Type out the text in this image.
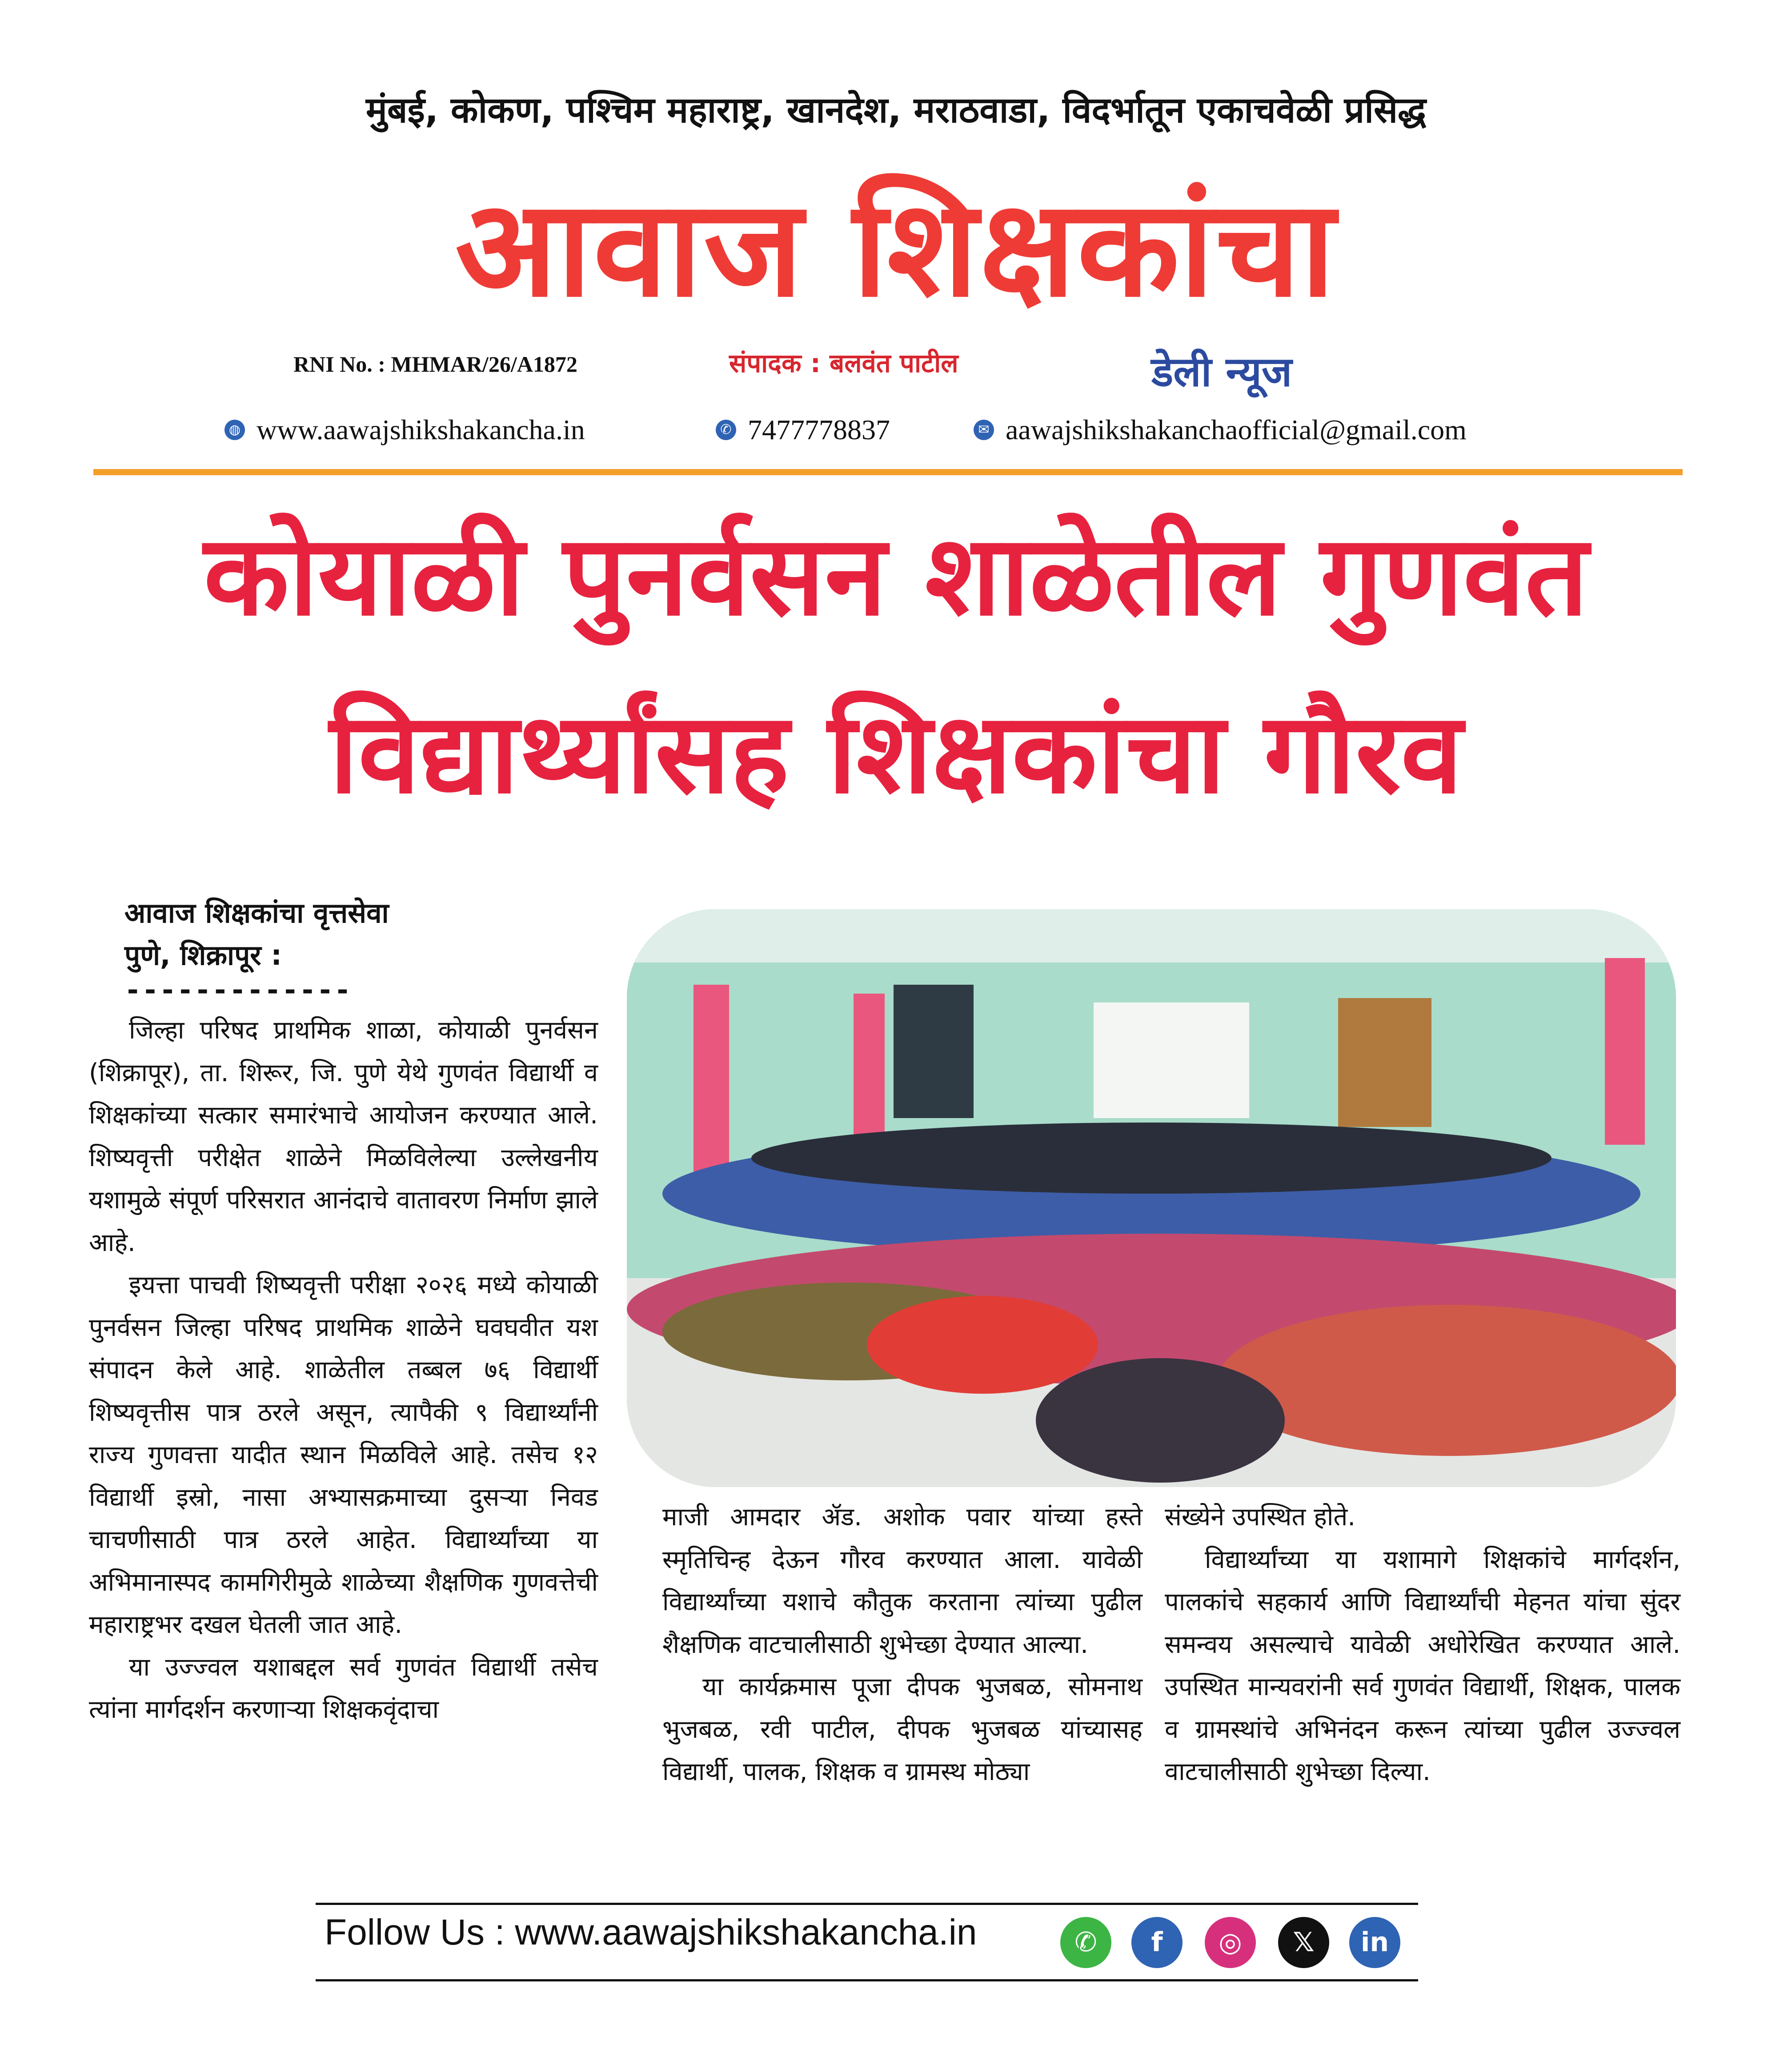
मुंबई, कोकण, पश्चिम महाराष्ट्र, खानदेश, मराठवाडा, विदर्भातून एकाचवेळी प्रसिद्ध
आवाज शिक्षकांचा
RNI No. : MHMAR/26/A1872	संपादक : बलवंत पाटील	डेली न्यूज
◍ www.aawajshikshakancha.in	✆ 7477778837	✉ aawajshikshakanchaofficial@gmail.com
कोयाळी पुनर्वसन शाळेतील गुणवंत
विद्यार्थ्यांसह शिक्षकांचा गौरव
आवाज शिक्षकांचा वृत्तसेवा
पुणे, शिक्रापूर :
-------------

जिल्हा परिषद प्राथमिक शाळा, कोयाळी पुनर्वसन (शिक्रापूर), ता. शिरूर, जि. पुणे येथे गुणवंत विद्यार्थी व शिक्षकांच्या सत्कार समारंभाचे आयोजन करण्यात आले. शिष्यवृत्ती परीक्षेत शाळेने मिळविलेल्या उल्लेखनीय यशामुळे संपूर्ण परिसरात आनंदाचे वातावरण निर्माण झाले आहे.

इयत्ता पाचवी शिष्यवृत्ती परीक्षा २०२६ मध्ये कोयाळी पुनर्वसन जिल्हा परिषद प्राथमिक शाळेने घवघवीत यश संपादन केले आहे. शाळेतील तब्बल ७६ विद्यार्थी शिष्यवृत्तीस पात्र ठरले असून, त्यापैकी ९ विद्यार्थ्यांनी राज्य गुणवत्ता यादीत स्थान मिळविले आहे. तसेच १२ विद्यार्थी इस्रो, नासा अभ्यासक्रमाच्या दुसऱ्या निवड चाचणीसाठी पात्र ठरले आहेत. विद्यार्थ्यांच्या या अभिमानास्पद कामगिरीमुळे शाळेच्या शैक्षणिक गुणवत्तेची महाराष्ट्रभर दखल घेतली जात आहे.

या उज्ज्वल यशाबद्दल सर्व गुणवंत विद्यार्थी तसेच त्यांना मार्गदर्शन करणाऱ्या शिक्षकवृंदाचा

माजी आमदार ॲड. अशोक पवार यांच्या हस्ते स्मृतिचिन्ह देऊन गौरव करण्यात आला. यावेळी विद्यार्थ्यांच्या यशाचे कौतुक करताना त्यांच्या पुढील शैक्षणिक वाटचालीसाठी शुभेच्छा देण्यात आल्या.

या कार्यक्रमास पूजा दीपक भुजबळ, सोमनाथ भुजबळ, रवी पाटील, दीपक भुजबळ यांच्यासह विद्यार्थी, पालक, शिक्षक व ग्रामस्थ मोठ्या

संख्येने उपस्थित होते.

विद्यार्थ्यांच्या या यशामागे शिक्षकांचे मार्गदर्शन, पालकांचे सहकार्य आणि विद्यार्थ्यांची मेहनत यांचा सुंदर समन्वय असल्याचे यावेळी अधोरेखित करण्यात आले. उपस्थित मान्यवरांनी सर्व गुणवंत विद्यार्थी, शिक्षक, पालक व ग्रामस्थांचे अभिनंदन करून त्यांच्या पुढील उज्ज्वल वाटचालीसाठी शुभेच्छा दिल्या.

Follow Us : www.aawajshikshakancha.in	✆	f	◎	𝕏	in
